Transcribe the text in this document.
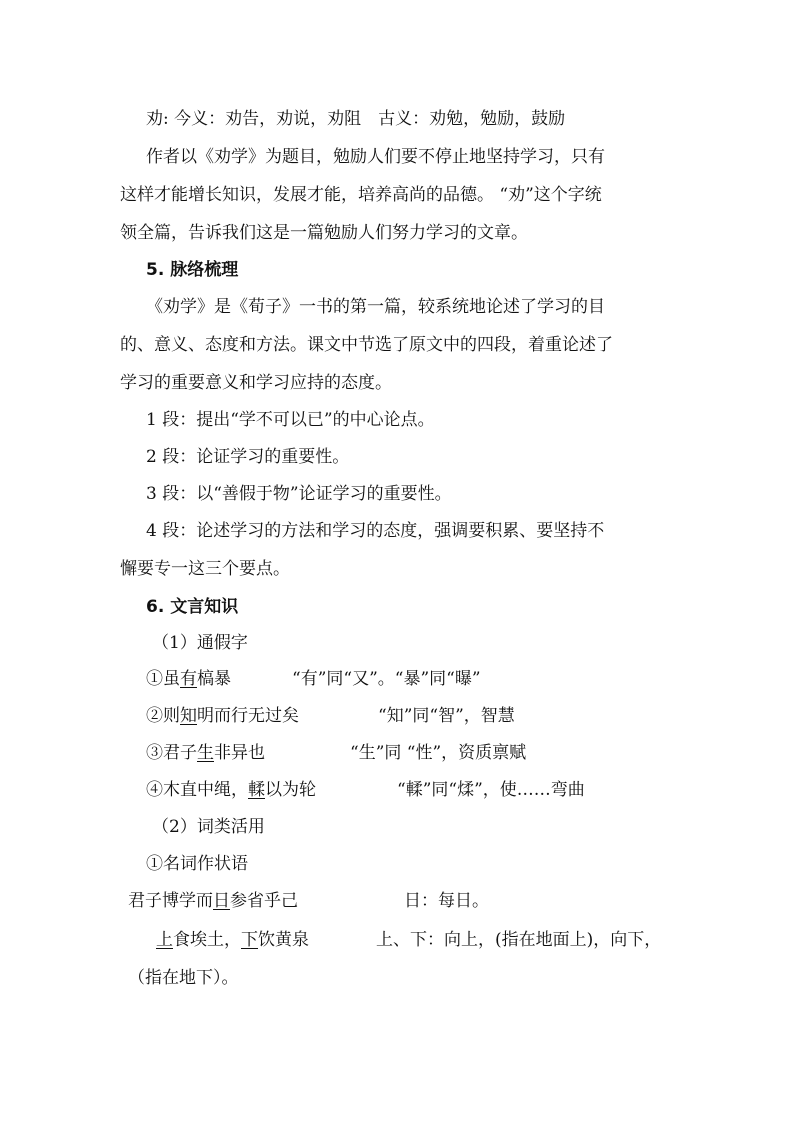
劝: 今义：劝告，劝说，劝阻　古义：劝勉，勉励，鼓励
作者以《劝学》为题目，勉励人们要不停止地坚持学习，只有
这样才能增长知识，发展才能，培养高尚的品德。 “劝”这个字统
领全篇，告诉我们这是一篇勉励人们努力学习的文章。
5. 脉络梳理
《劝学》是《荀子》一书的第一篇，较系统地论述了学习的目
的、意义、态度和方法。课文中节选了原文中的四段，着重论述了
学习的重要意义和学习应持的态度。
1 段：提出“学不可以已”的中心论点。
2 段：论证学习的重要性。
3 段：以“善假于物”论证学习的重要性。
4 段：论述学习的方法和学习的态度，强调要积累、要坚持不
懈要专一这三个要点。
6. 文言知识
（1）通假字
①虽有槁暴	“有”同“又”。“暴”同“曝”
②则知明而行无过矣	“知”同“智”，智慧
③君子生非异也	“生”同 “性”，资质禀赋
④木直中绳，輮以为轮	“輮”同“煣”，使……弯曲
（2）词类活用
①名词作状语
君子博学而日参省乎己	日：每日。
上食埃土，下饮黄泉	上、下：向上，(指在地面上)，向下，
（指在地下）。
